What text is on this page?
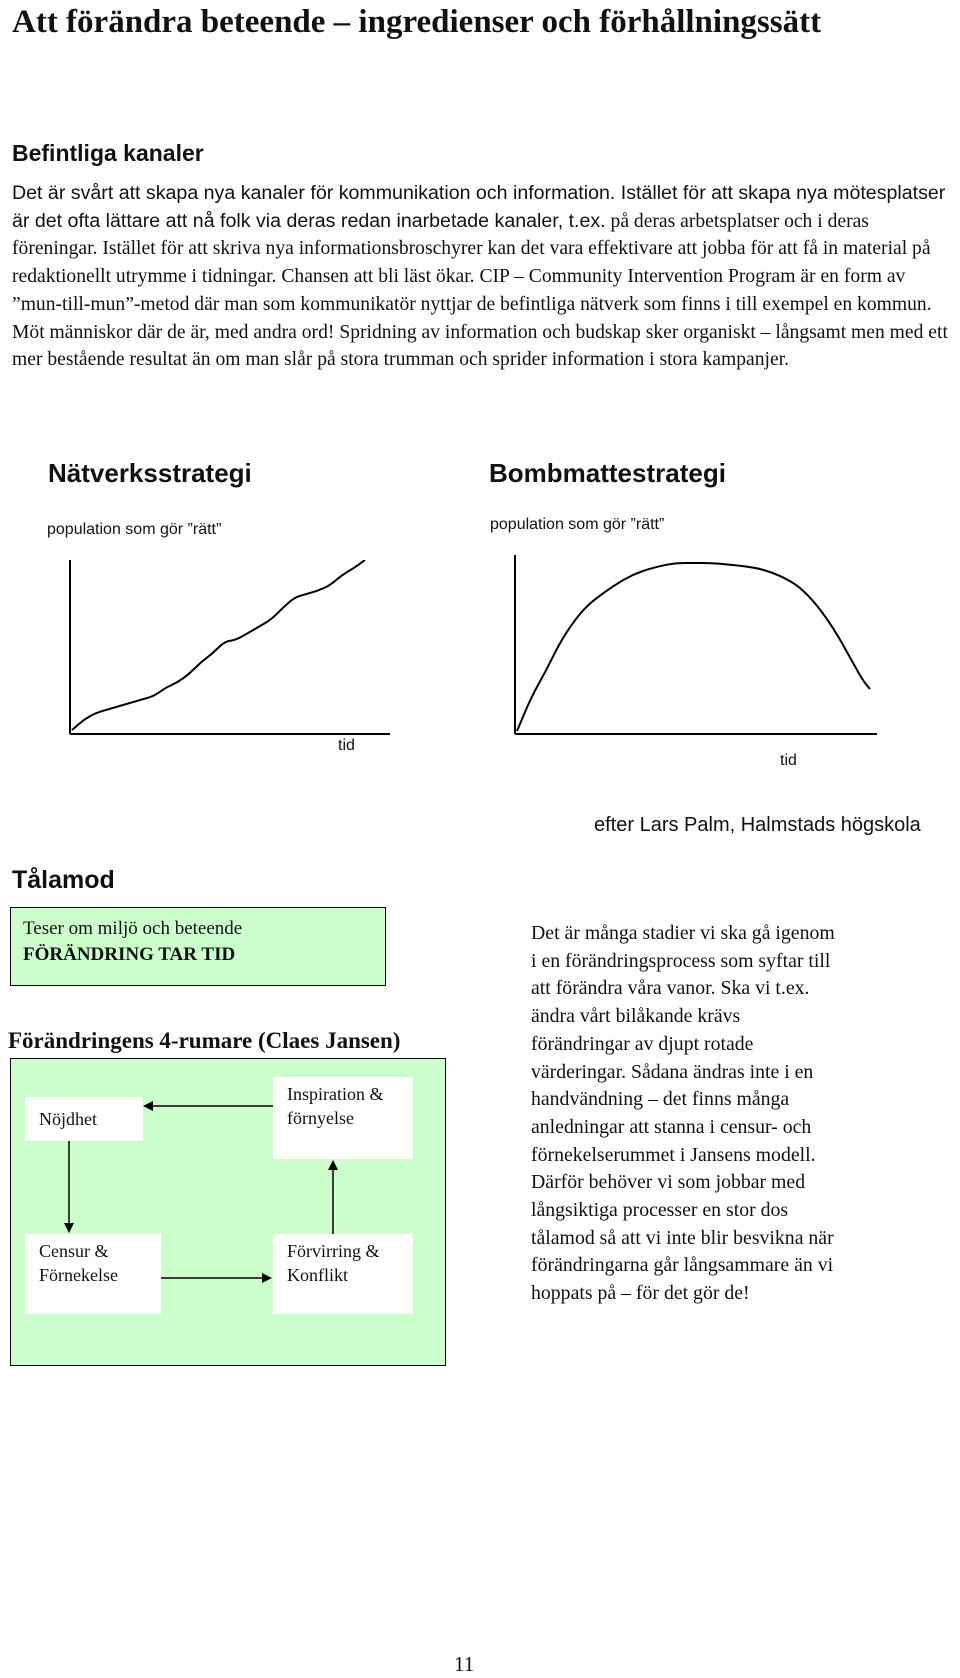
Att förändra beteende – ingredienser och förhållningssätt
Befintliga kanaler
Det är svårt att skapa nya kanaler för kommunikation och information. Istället för att skapa nya mötesplatser är det ofta lättare att nå folk via deras redan inarbetade kanaler, t.ex. på deras arbetsplatser och i deras föreningar. Istället för att skriva nya informationsbroschyrer kan det vara effektivare att jobba för att få in material på redaktionellt utrymme i tidningar. Chansen att bli läst ökar. CIP – Community Intervention Program är en form av ”mun-till-mun”-metod där man som kommunikatör nyttjar de befintliga nätverk som finns i till exempel en kommun. Möt människor där de är, med andra ord! Spridning av information och budskap sker organiskt – långsamt men med ett mer bestående resultat än om man slår på stora trumman och sprider information i stora kampanjer.
Nätverksstrategi
population som gör ”rätt”
tid
Bombmattestrategi
population som gör ”rätt”
tid
efter Lars Palm, Halmstads högskola
Tålamod
Teser om miljö och beteende
FÖRÄNDRING TAR TID
Förändringens 4-rumare (Claes Jansen)
Nöjdhet
Inspiration & förnyelse
Censur & Förnekelse
Förvirring & Konflikt
Det är många stadier vi ska gå igenom
i en förändringsprocess som syftar till
att förändra våra vanor. Ska vi t.ex.
ändra vårt bilåkande krävs
förändringar av djupt rotade
värderingar. Sådana ändras inte i en
handvändning – det finns många
anledningar att stanna i censur- och
förnekelserummet i Jansens modell.
Därför behöver vi som jobbar med
långsiktiga processer en stor dos
tålamod så att vi inte blir besvikna när
förändringarna går långsammare än vi
hoppats på – för det gör de!
11
